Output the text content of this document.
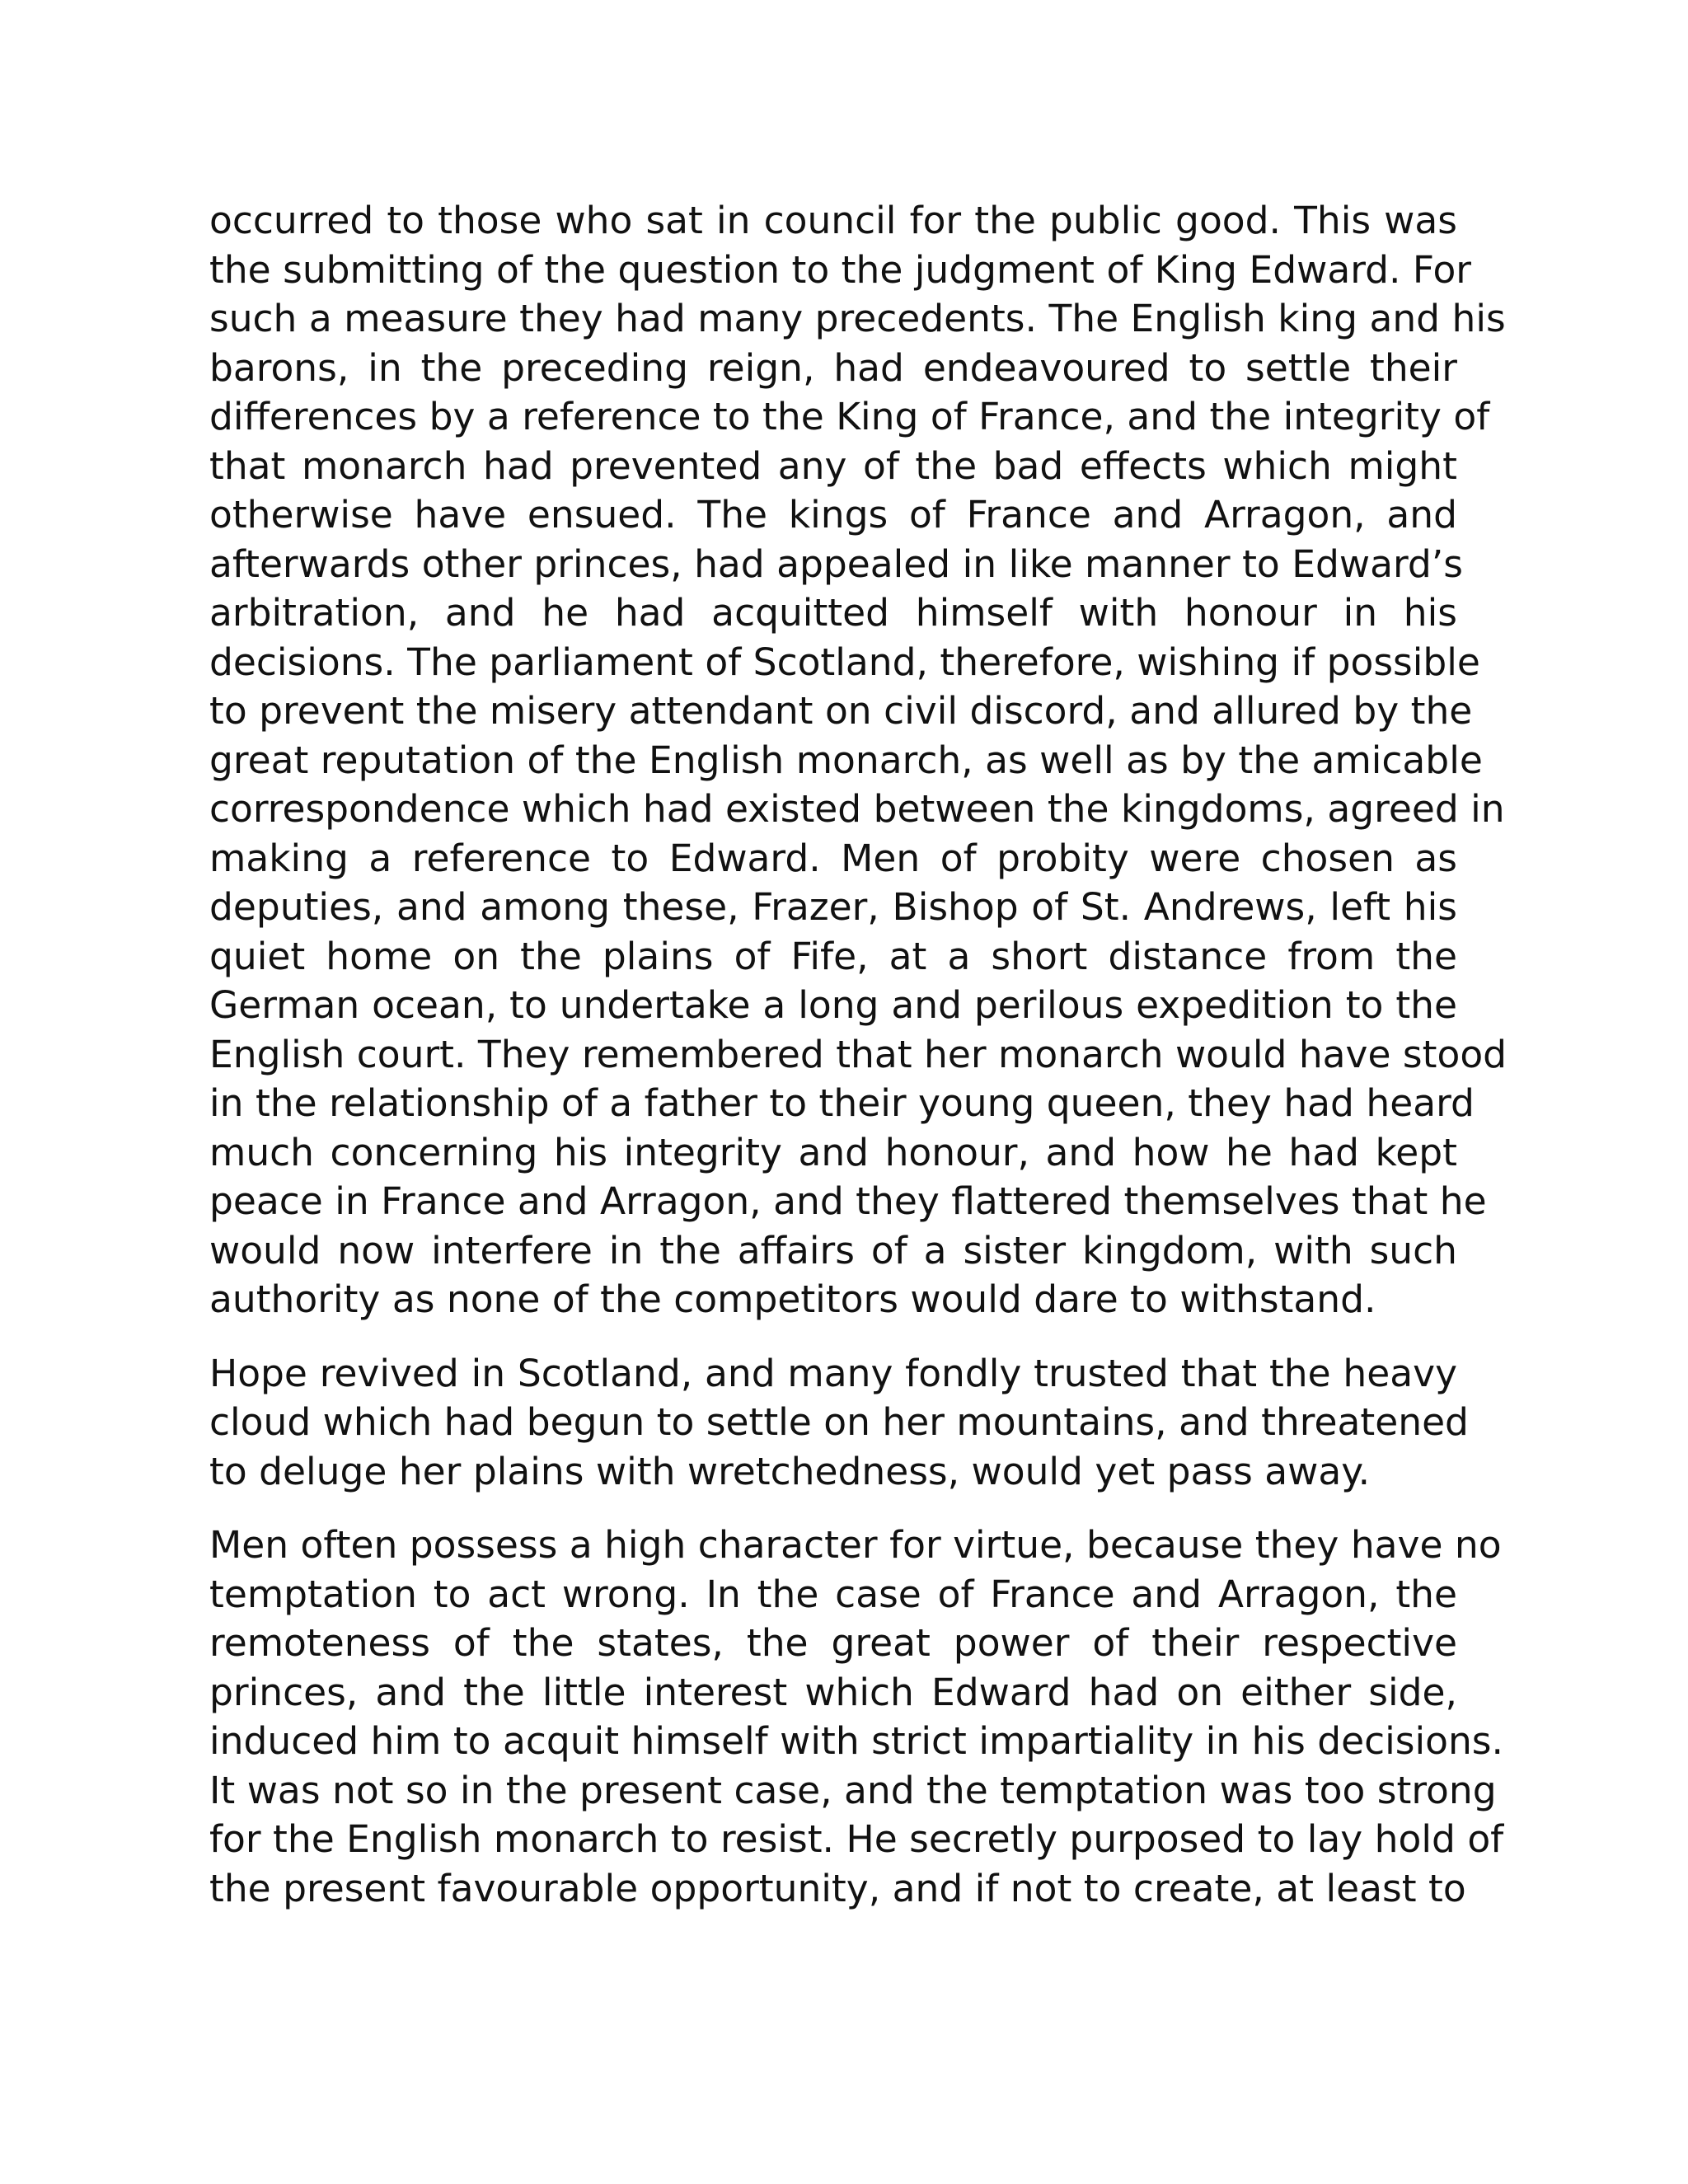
occurred to those who sat in council for the public good. This was
the submitting of the question to the judgment of King Edward. For
such a measure they had many precedents. The English king and his
barons, in the preceding reign, had endeavoured to settle their
differences by a reference to the King of France, and the integrity of
that monarch had prevented any of the bad effects which might
otherwise have ensued. The kings of France and Arragon, and
afterwards other princes, had appealed in like manner to Edward’s
arbitration, and he had acquitted himself with honour in his
decisions. The parliament of Scotland, therefore, wishing if possible
to prevent the misery attendant on civil discord, and allured by the
great reputation of the English monarch, as well as by the amicable
correspondence which had existed between the kingdoms, agreed in
making a reference to Edward. Men of probity were chosen as
deputies, and among these, Frazer, Bishop of St. Andrews, left his
quiet home on the plains of Fife, at a short distance from the
German ocean, to undertake a long and perilous expedition to the
English court. They remembered that her monarch would have stood
in the relationship of a father to their young queen, they had heard
much concerning his integrity and honour, and how he had kept
peace in France and Arragon, and they flattered themselves that he
would now interfere in the affairs of a sister kingdom, with such
authority as none of the competitors would dare to withstand.
Hope revived in Scotland, and many fondly trusted that the heavy
cloud which had begun to settle on her mountains, and threatened
to deluge her plains with wretchedness, would yet pass away.
Men often possess a high character for virtue, because they have no
temptation to act wrong. In the case of France and Arragon, the
remoteness of the states, the great power of their respective
princes, and the little interest which Edward had on either side,
induced him to acquit himself with strict impartiality in his decisions.
It was not so in the present case, and the temptation was too strong
for the English monarch to resist. He secretly purposed to lay hold of
the present favourable opportunity, and if not to create, at least to
